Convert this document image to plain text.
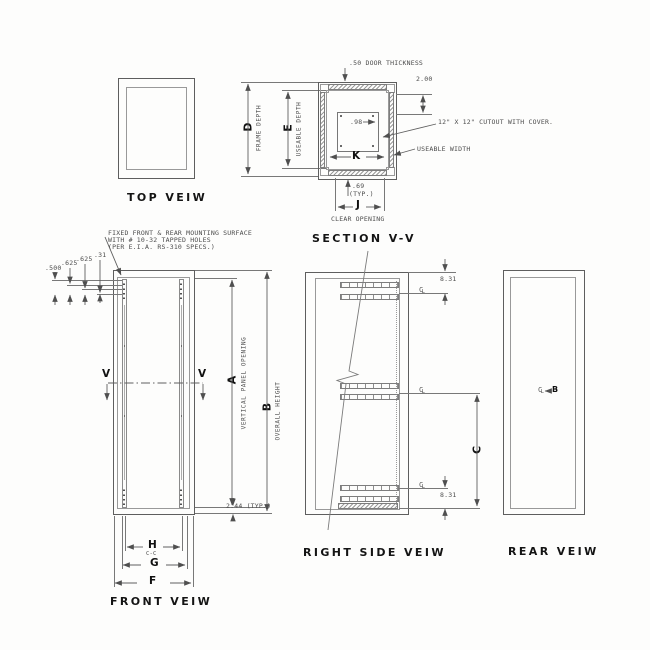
TOP VEIW
D FRAME DEPTH E USEABLE DEPTH	.98
K
.69
(TYP.)
J
CLEAR OPENING
SECTION V-V
.50 DOOR THICKNESS
2.00
12" X 12" CUTOUT WITH COVER.
USEABLE WIDTH
FIXED FRONT & REAR MOUNTING SURFACE
WITH # 10-32 TAPPED HOLES
(PER E.I.A. RS-310 SPECS.)
.500
.625
.625 .31
V	V A VERTICAL PANEL OPENING B OVERALL HEIGHT
2.44 (TYP.)
H
C-C
G
F
FRONT VEIW
C L
C L
C L
8.31
8.31
C
RIGHT SIDE VEIW
C L
B
REAR VEIW
